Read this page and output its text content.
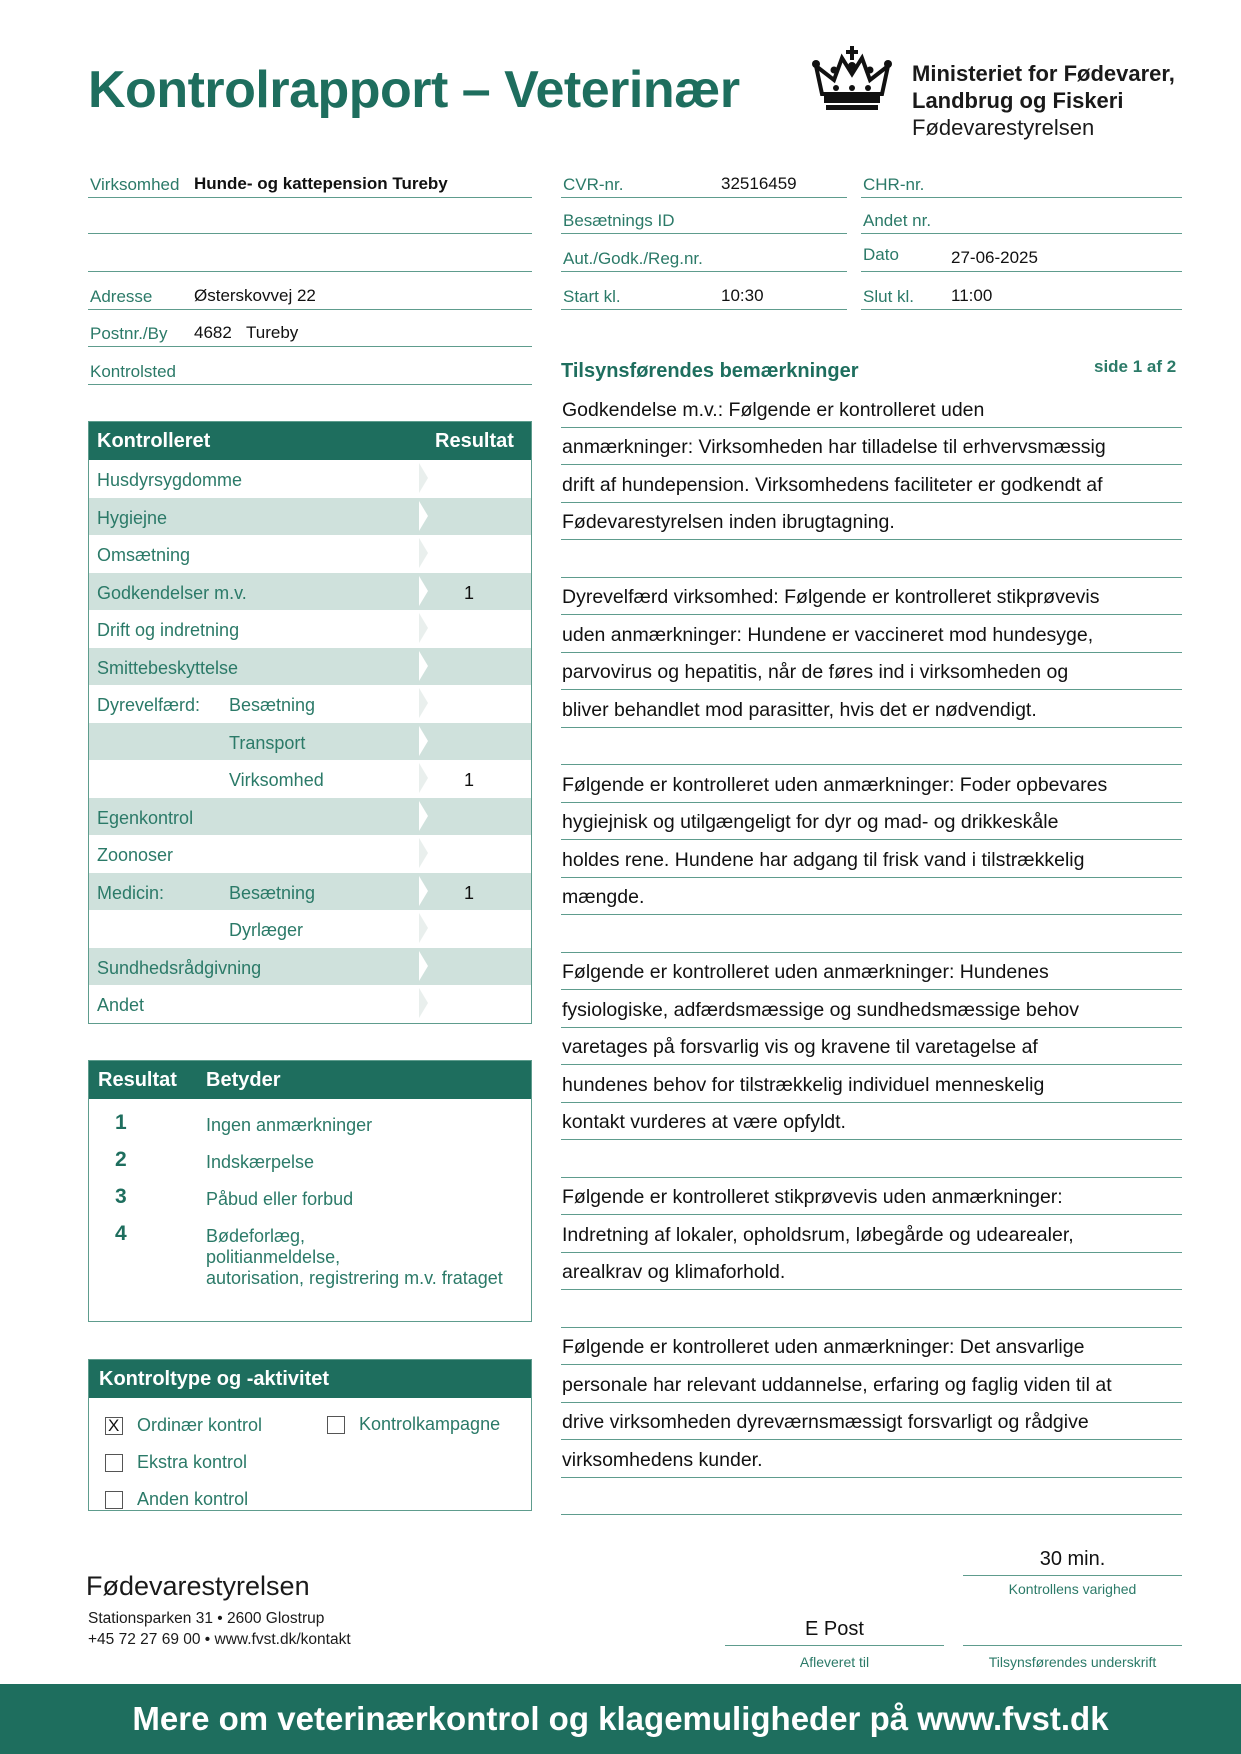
Kontrolrapport – Veterinær	Ministeriet for Fødevarer,
Landbrug og Fiskeri
Fødevarestyrelsen
Virksomhed Hunde- og kattepension Tureby
Adresse Østerskovvej 22
Postnr./By 4682 Tureby
Kontrolsted
CVR-nr.	32516459	CHR-nr.
Besætnings ID	Andet nr.
Aut./Godk./Reg.nr.	Dato	27-06-2025
Start kl.	10:30	Slut kl. 11:00
Kontrolleret	Resultat
Husdyrsygdomme
Hygiejne
Omsætning
Godkendelser m.v.	1
Drift og indretning
Smittebeskyttelse
Dyrevelfærd: Besætning
Transport
Virksomhed	1
Egenkontrol
Zoonoser
Medicin:	Besætning	1
Dyrlæger
Sundhedsrådgivning
Andet
Resultat Betyder
1	Ingen anmærkninger
2	Indskærpelse
3	Påbud eller forbud
4	Bødeforlæg,
politianmeldelse,
autorisation, registrering m.v. frataget
Kontroltype og -aktivitet
X
Ordinær kontrol	Kontrolkampagne
Ekstra kontrol
Anden kontrol
Tilsynsførendes bemærkninger	side 1 af 2
Godkendelse m.v.: Følgende er kontrolleret uden
anmærkninger: Virksomheden har tilladelse til erhvervsmæssig
drift af hundepension. Virksomhedens faciliteter er godkendt af
Fødevarestyrelsen inden ibrugtagning.
Dyrevelfærd virksomhed: Følgende er kontrolleret stikprøvevis
uden anmærkninger: Hundene er vaccineret mod hundesyge,
parvovirus og hepatitis, når de føres ind i virksomheden og
bliver behandlet mod parasitter, hvis det er nødvendigt.
Følgende er kontrolleret uden anmærkninger: Foder opbevares
hygiejnisk og utilgængeligt for dyr og mad- og drikkeskåle
holdes rene. Hundene har adgang til frisk vand i tilstrækkelig
mængde.
Følgende er kontrolleret uden anmærkninger: Hundenes
fysiologiske, adfærdsmæssige og sundhedsmæssige behov
varetages på forsvarlig vis og kravene til varetagelse af
hundenes behov for tilstrækkelig individuel menneskelig
kontakt vurderes at være opfyldt.
Følgende er kontrolleret stikprøvevis uden anmærkninger:
Indretning af lokaler, opholdsrum, løbegårde og udearealer,
arealkrav og klimaforhold.
Følgende er kontrolleret uden anmærkninger: Det ansvarlige
personale har relevant uddannelse, erfaring og faglig viden til at
drive virksomheden dyreværnsmæssigt forsvarligt og rådgive
virksomhedens kunder.
Fødevarestyrelsen
Stationsparken 31 • 2600 Glostrup
+45 72 27 69 00 • www.fvst.dk/kontakt
30 min.
Kontrollens varighed
E Post
Afleveret til	Tilsynsførendes underskrift
Mere om veterinærkontrol og klagemuligheder på www.fvst.dk
